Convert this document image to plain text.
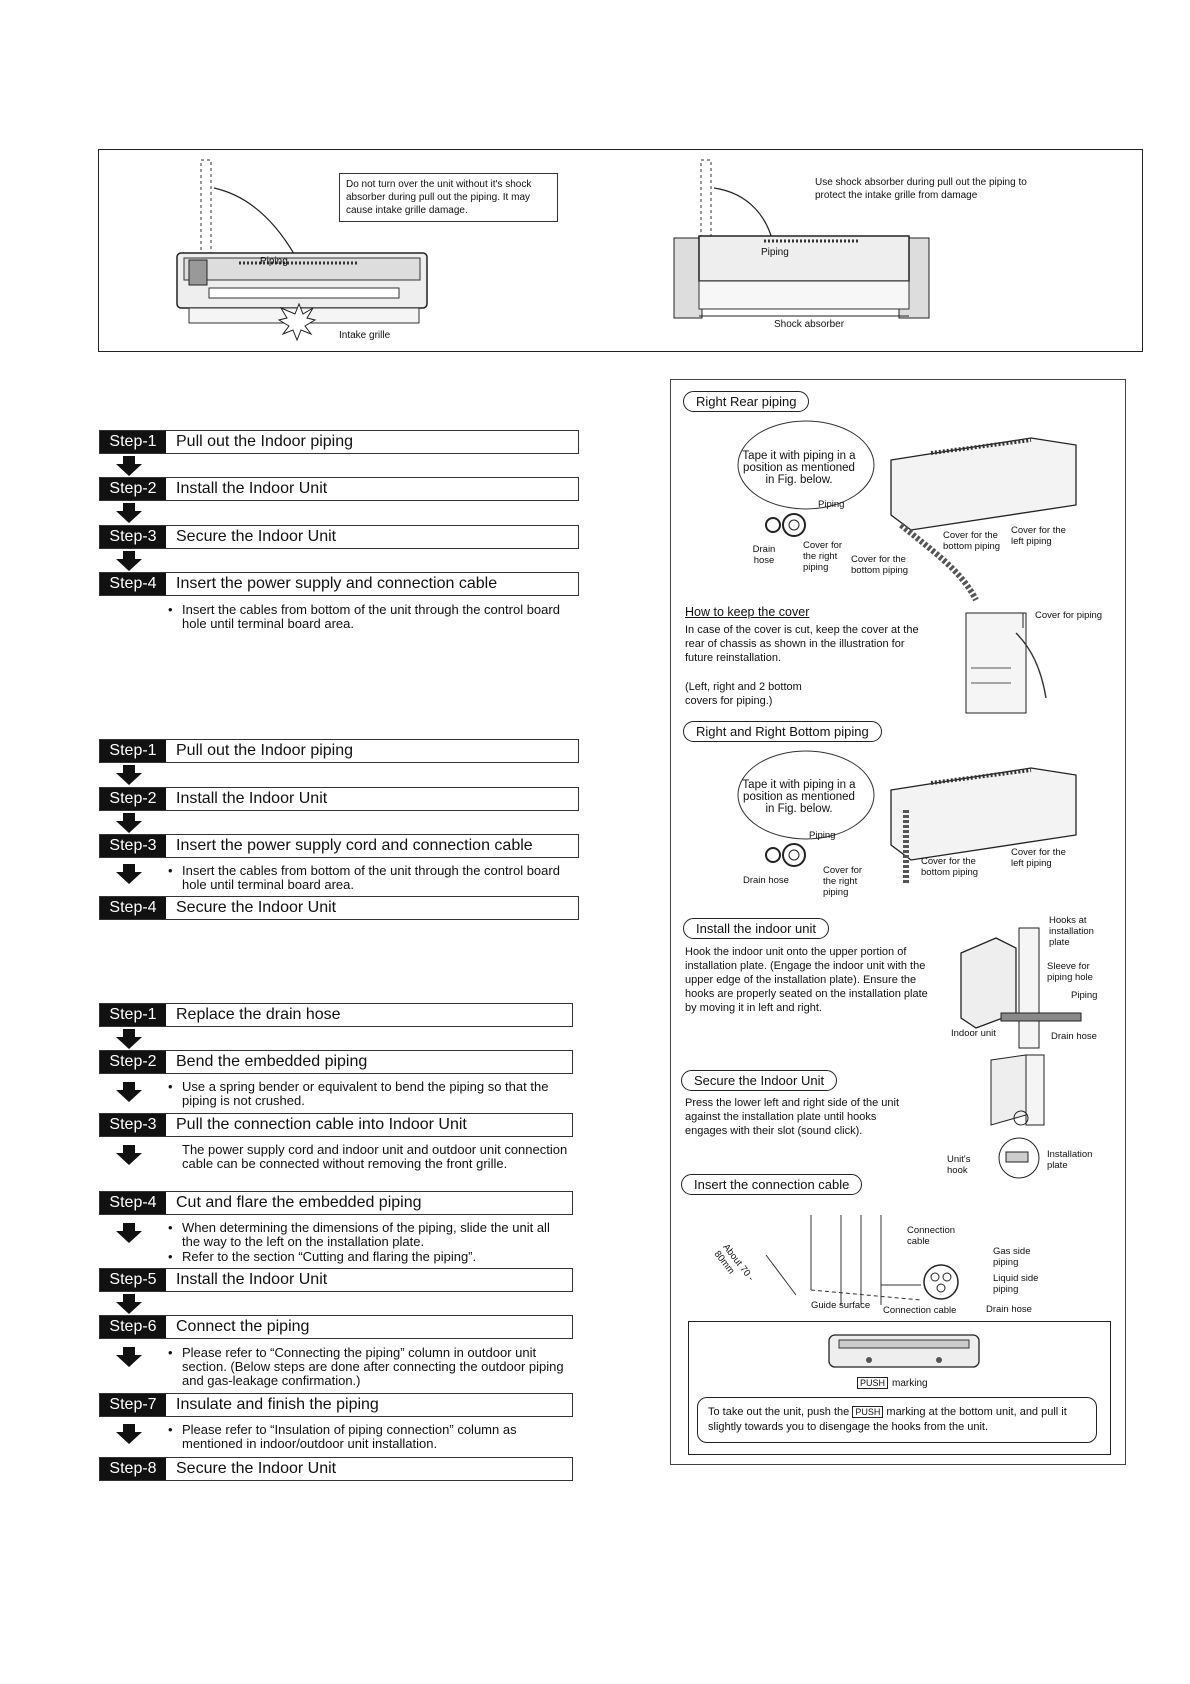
Piping
Intake grille
Do not turn over the unit without it's shock absorber during pull out the piping. It may cause intake grille damage.
Piping
Shock absorber
Use shock absorber during pull out the piping to protect the intake grille from damage
Step-1	Pull out the Indoor piping
Step-2	Install the Indoor Unit
Step-3	Secure the Indoor Unit
Step-4	Insert the power supply and connection cable
• Insert the cables from bottom of the unit through the control board hole until terminal board area.
Step-1	Pull out the Indoor piping
Step-2	Install the Indoor Unit
Step-3	Insert the power supply cord and connection cable
• Insert the cables from bottom of the unit through the control board hole until terminal board area.
Step-4	Secure the Indoor Unit
Step-1	Replace the drain hose
Step-2	Bend the embedded piping
• Use a spring bender or equivalent to bend the piping so that the piping is not crushed.
Step-3	Pull the connection cable into Indoor Unit
The power supply cord and indoor unit and outdoor unit connection cable can be connected without removing the front grille.
Step-4	Cut and flare the embedded piping
• When determining the dimensions of the piping, slide the unit all the way to the left on the installation plate.
• Refer to the section “Cutting and flaring the piping”.
Step-5	Install the Indoor Unit
Step-6	Connect the piping
• Please refer to “Connecting the piping” column in outdoor unit section. (Below steps are done after connecting the outdoor piping and gas-leakage confirmation.)
Step-7	Insulate and finish the piping
• Please refer to “Insulation of piping connection” column as mentioned in indoor/outdoor unit installation.
Step-8	Secure the Indoor Unit
Right Rear piping
Tape it with piping in a position as mentioned in Fig. below.
Piping
Drain hose
Cover for the right piping
Cover for the bottom piping
Cover for the bottom piping
Cover for the left piping
How to keep the cover
In case of the cover is cut, keep the cover at the rear of chassis as shown in the illustration for future reinstallation.
(Left, right and 2 bottom covers for piping.)
Cover for piping
Right and Right Bottom piping
Tape it with piping in a position as mentioned in Fig. below.
Piping
Drain hose
Cover for the right piping
Cover for the bottom piping
Cover for the left piping
Install the indoor unit
Hook the indoor unit onto the upper portion of installation plate. (Engage the indoor unit with the upper edge of the installation plate). Ensure the hooks are properly seated on the installation plate by moving it in left and right.
Hooks at installation plate
Sleeve for piping hole
Piping
Indoor unit	Drain hose
Secure the Indoor Unit
Press the lower left and right side of the unit against the installation plate until hooks engages with their slot (sound click).
Unit's hook
Installation plate
Insert the connection cable
About 70 - 80mm
Connection cable
Gas side piping
Liquid side piping
Guide surface Connection cable	Drain hose
PUSH marking
To take out the unit, push the PUSH marking at the bottom unit, and pull it slightly towards you to disengage the hooks from the unit.
